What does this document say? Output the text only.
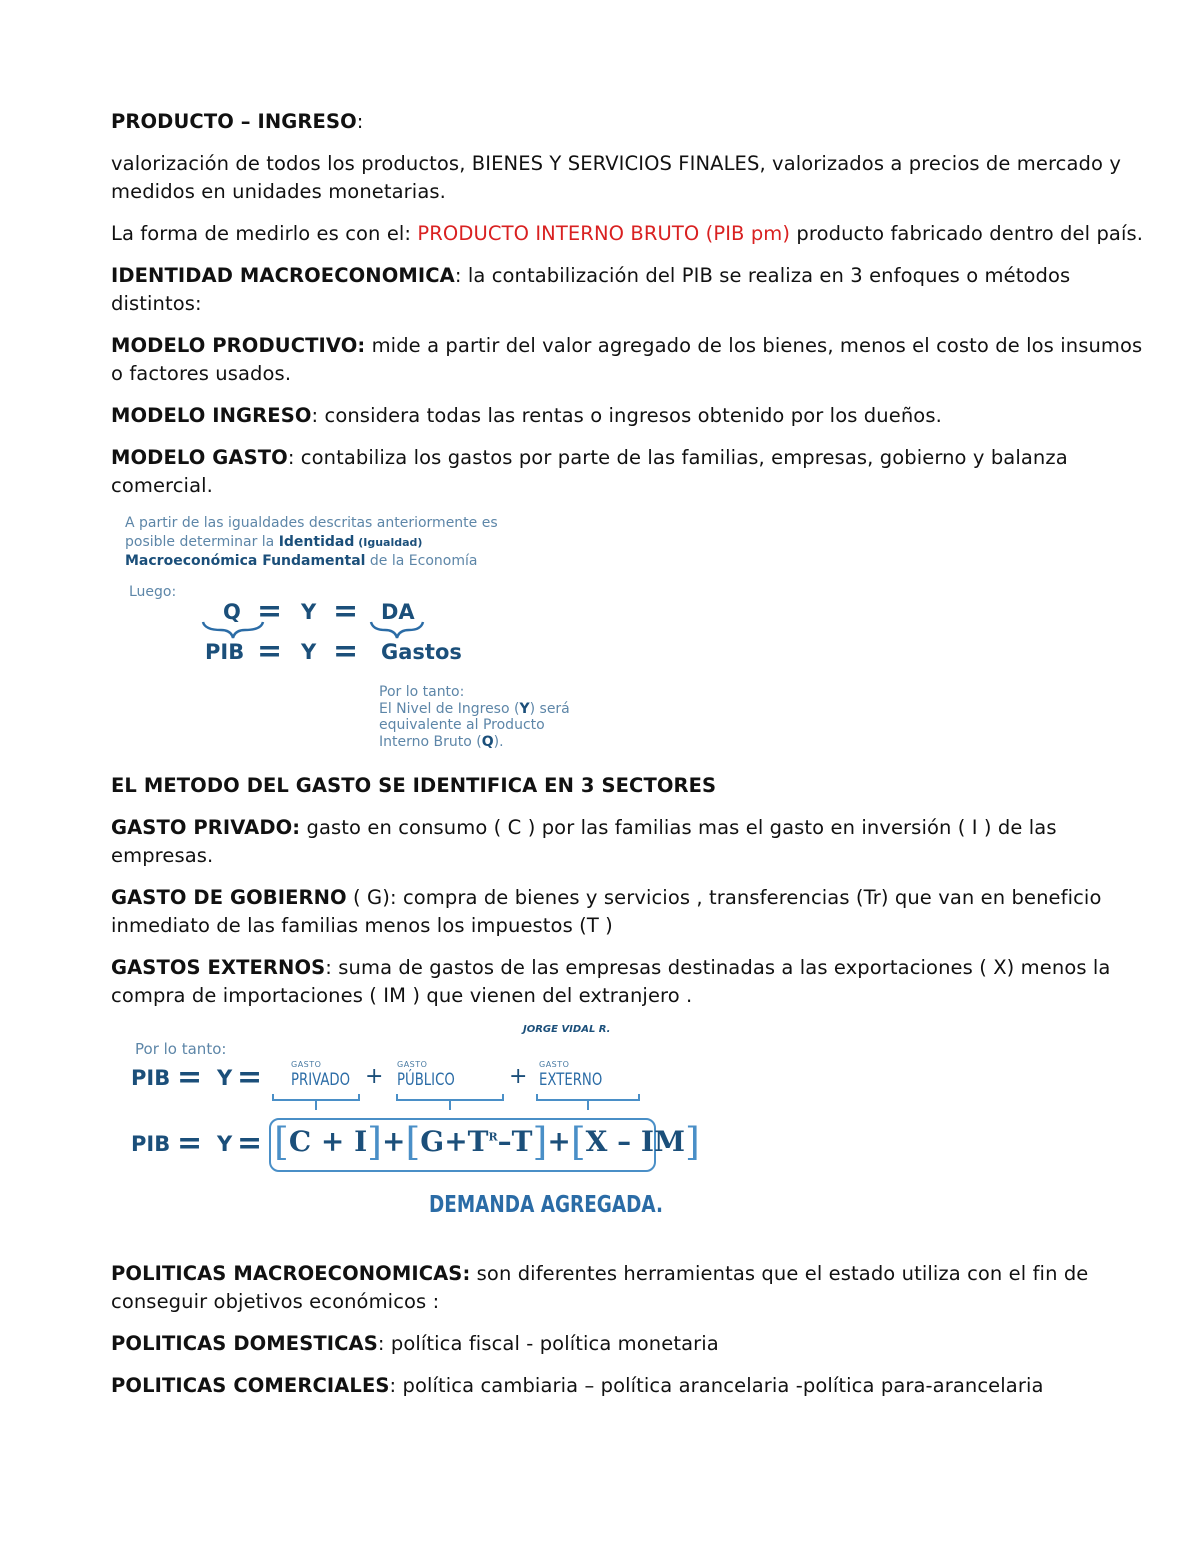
PRODUCTO – INGRESO:

valorización de todos los productos, BIENES Y SERVICIOS FINALES, valorizados a precios de mercado y medidos en unidades monetarias.

La forma de medirlo es con el: PRODUCTO INTERNO BRUTO (PIB pm) producto fabricado dentro del país.

IDENTIDAD MACROECONOMICA: la contabilización del PIB se realiza en 3 enfoques o métodos distintos:

MODELO PRODUCTIVO: mide a partir del valor agregado de los bienes, menos el costo de los insumos o factores usados.

MODELO INGRESO: considera todas las rentas o ingresos obtenido por los dueños.

MODELO GASTO: contabiliza los gastos por parte de las familias, empresas, gobierno y balanza comercial.

A partir de las igualdades descritas anteriormente es
posible determinar la Identidad (Igualdad)
Macroeconómica Fundamental de la Economía
Luego:
Q = Y = DA
PIB = Y = Gastos
Por lo tanto:
El Nivel de Ingreso (Y) será
equivalente al Producto
Interno Bruto (Q).

EL METODO DEL GASTO SE IDENTIFICA EN 3 SECTORES

GASTO PRIVADO: gasto en consumo ( C ) por las familias mas el gasto en inversión ( I ) de las empresas.

GASTO DE GOBIERNO ( G): compra de bienes y servicios , transferencias (Tr) que van en beneficio inmediato de las familias menos los impuestos (T )

GASTOS EXTERNOS: suma de gastos de las empresas destinadas a las exportaciones ( X) menos la compra de importaciones ( IM ) que vienen del extranjero .

JORGE VIDAL R.
Por lo tanto:
PIB = Y =	GASTO
PRIVADO + GASTO
PÚBLICO + GASTO
EXTERNO
PIB = $Y = [C + I]+[G+T^R-T]+[X - IM]$
DEMANDA AGREGADA.

POLITICAS MACROECONOMICAS: son diferentes herramientas que el estado utiliza con el fin de conseguir objetivos económicos :

POLITICAS DOMESTICAS: política fiscal - política monetaria

POLITICAS COMERCIALES: política cambiaria – política arancelaria -política para-arancelaria
